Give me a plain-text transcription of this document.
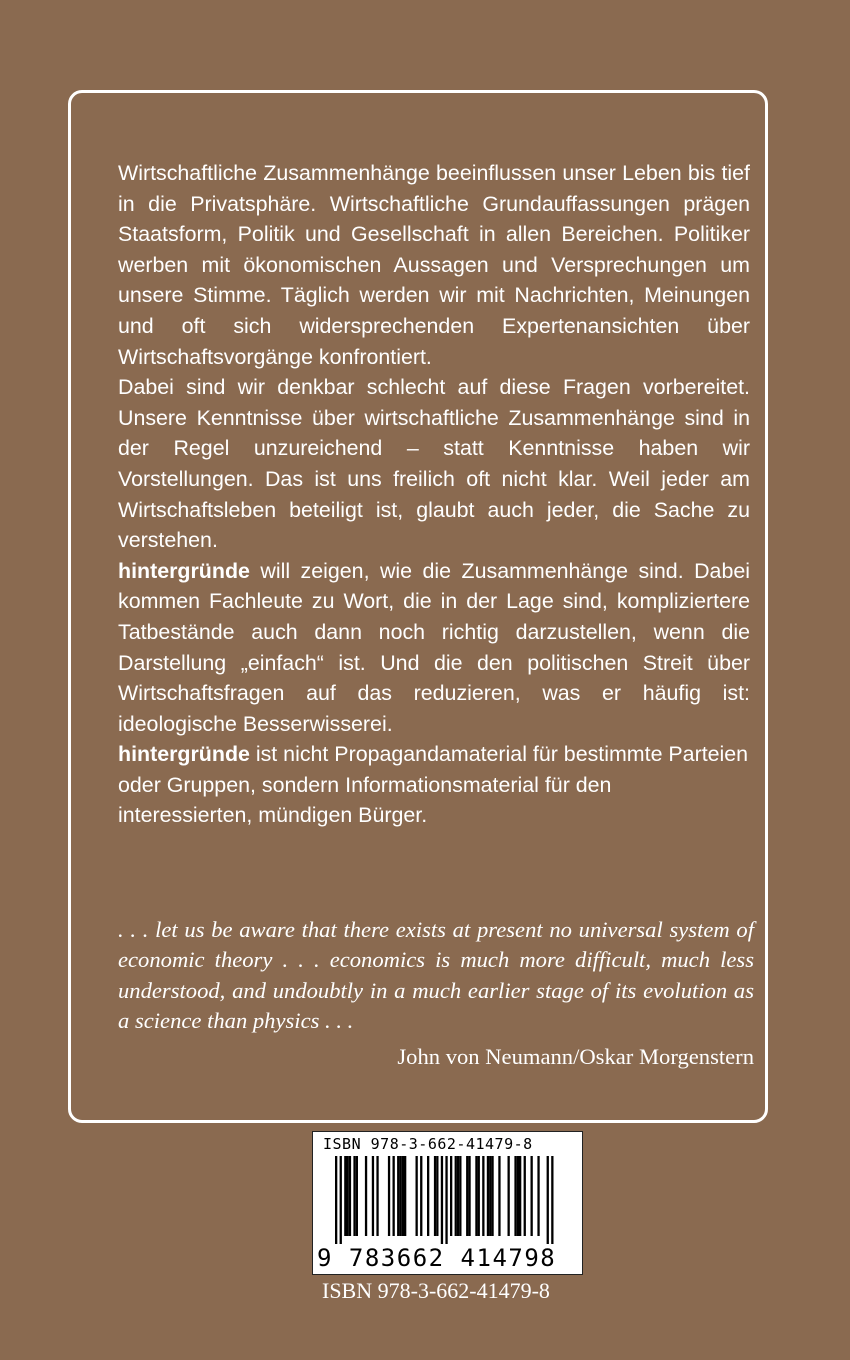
Wirtschaftliche Zusammenhänge beeinflussen unser Leben bis tief in die Privatsphäre. Wirtschaftliche Grundauffassungen prägen Staatsform, Politik und Gesellschaft in allen Bereichen. Politiker werben mit ökonomischen Aussagen und Versprechungen um unsere Stimme. Täglich werden wir mit Nachrichten, Meinungen und oft sich widersprechenden Expertenansichten über Wirtschaftsvorgänge konfrontiert.

Dabei sind wir denkbar schlecht auf diese Fragen vorbereitet. Unsere Kenntnisse über wirtschaftliche Zusammenhänge sind in der Regel unzureichend – statt Kenntnisse haben wir Vorstellungen. Das ist uns freilich oft nicht klar. Weil jeder am Wirtschaftsleben beteiligt ist, glaubt auch jeder, die Sache zu verstehen.

hintergründe will zeigen, wie die Zusammenhänge sind. Dabei kommen Fachleute zu Wort, die in der Lage sind, kompliziertere Tatbestände auch dann noch richtig darzustellen, wenn die Darstellung „einfach“ ist. Und die den politischen Streit über Wirtschaftsfragen auf das reduzieren, was er häufig ist: ideologische Besserwisserei.

hintergründe ist nicht Propagandamaterial für bestimmte Parteien oder Gruppen, sondern Informationsmaterial für den interessierten, mündigen Bürger.

. . . let us be aware that there exists at present no universal system of economic theory . . . economics is much more difficult, much less understood, and undoubtly in a much earlier stage of its evolution as a science than physics . . .

John von Neumann/Oskar Morgenstern
ISBN 978-3-662-41479-8
9 783662 414798
ISBN 978-3-662-41479-8
